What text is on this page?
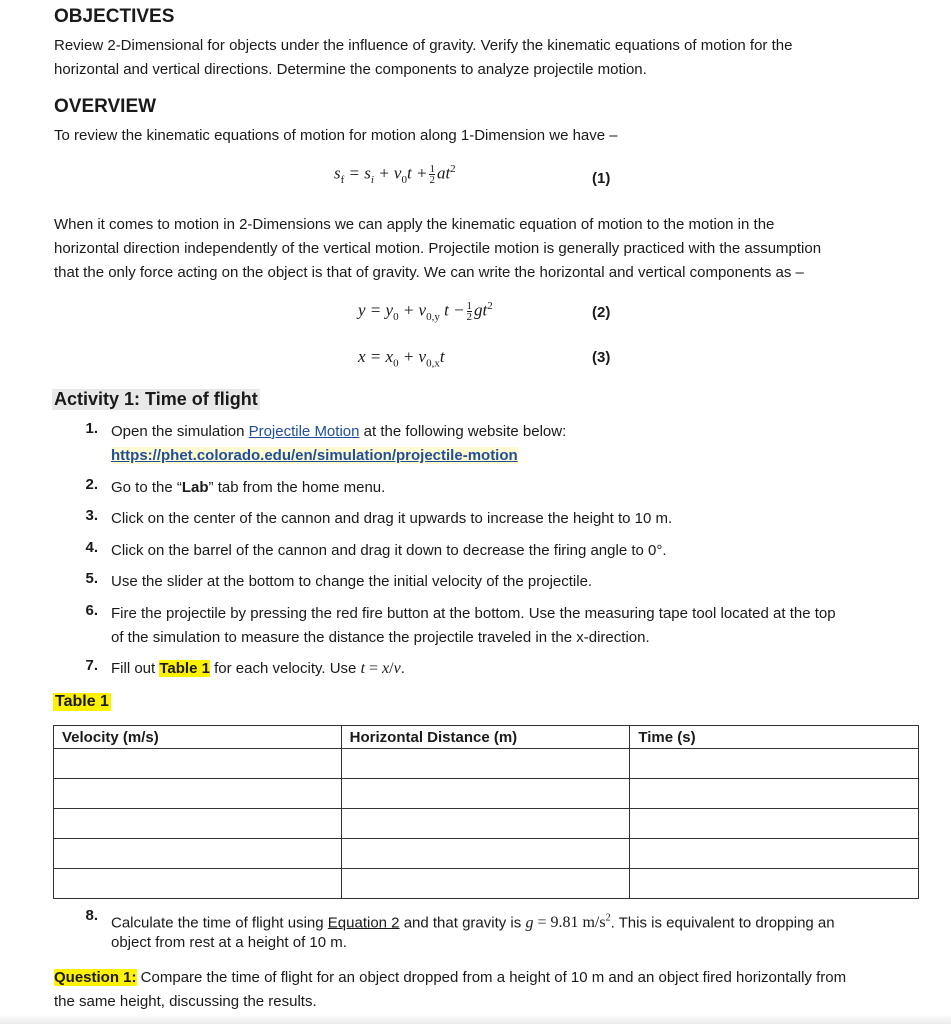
OBJECTIVES
Review 2-Dimensional for objects under the influence of gravity. Verify the kinematic equations of motion for the
horizontal and vertical directions. Determine the components to analyze projectile motion.
OVERVIEW
To review the kinematic equations of motion for motion along 1-Dimension we have –
$s_f = s_i + v_0t + \frac{1}{2} at^2$
(1)
When it comes to motion in 2-Dimensions we can apply the kinematic equation of motion to the motion in the
horizontal direction independently of the vertical motion. Projectile motion is generally practiced with the assumption
that the only force acting on the object is that of gravity. We can write the horizontal and vertical components as –
$y = y_0 + v_{0,y}$ $t - \frac{1}{2} gt^2$	(2)
$x = x_0 + v_{0,x}t$	(3)
Activity 1: Time of flight
1. Open the simulation Projectile Motion at the following website below:
https://phet.colorado.edu/en/simulation/projectile-motion
2. Go to the “Lab” tab from the home menu.
3. Click on the center of the cannon and drag it upwards to increase the height to 10 m.
4. Click on the barrel of the cannon and drag it down to decrease the firing angle to 0°.
5. Use the slider at the bottom to change the initial velocity of the projectile.
6. Fire the projectile by pressing the red fire button at the bottom. Use the measuring tape tool located at the top
of the simulation to measure the distance the projectile traveled in the x-direction.
7. Fill out Table 1 for each velocity. Use t = x/v.
Table 1
Velocity (m/s)	Horizontal Distance (m)	Time (s)

8. Calculate the time of flight using Equation 2 and that gravity is g = 9.81 $m/s^2$. This is equivalent to dropping an
object from rest at a height of 10 m.
Question 1: Compare the time of flight for an object dropped from a height of 10 m and an object fired horizontally from
the same height, discussing the results.
